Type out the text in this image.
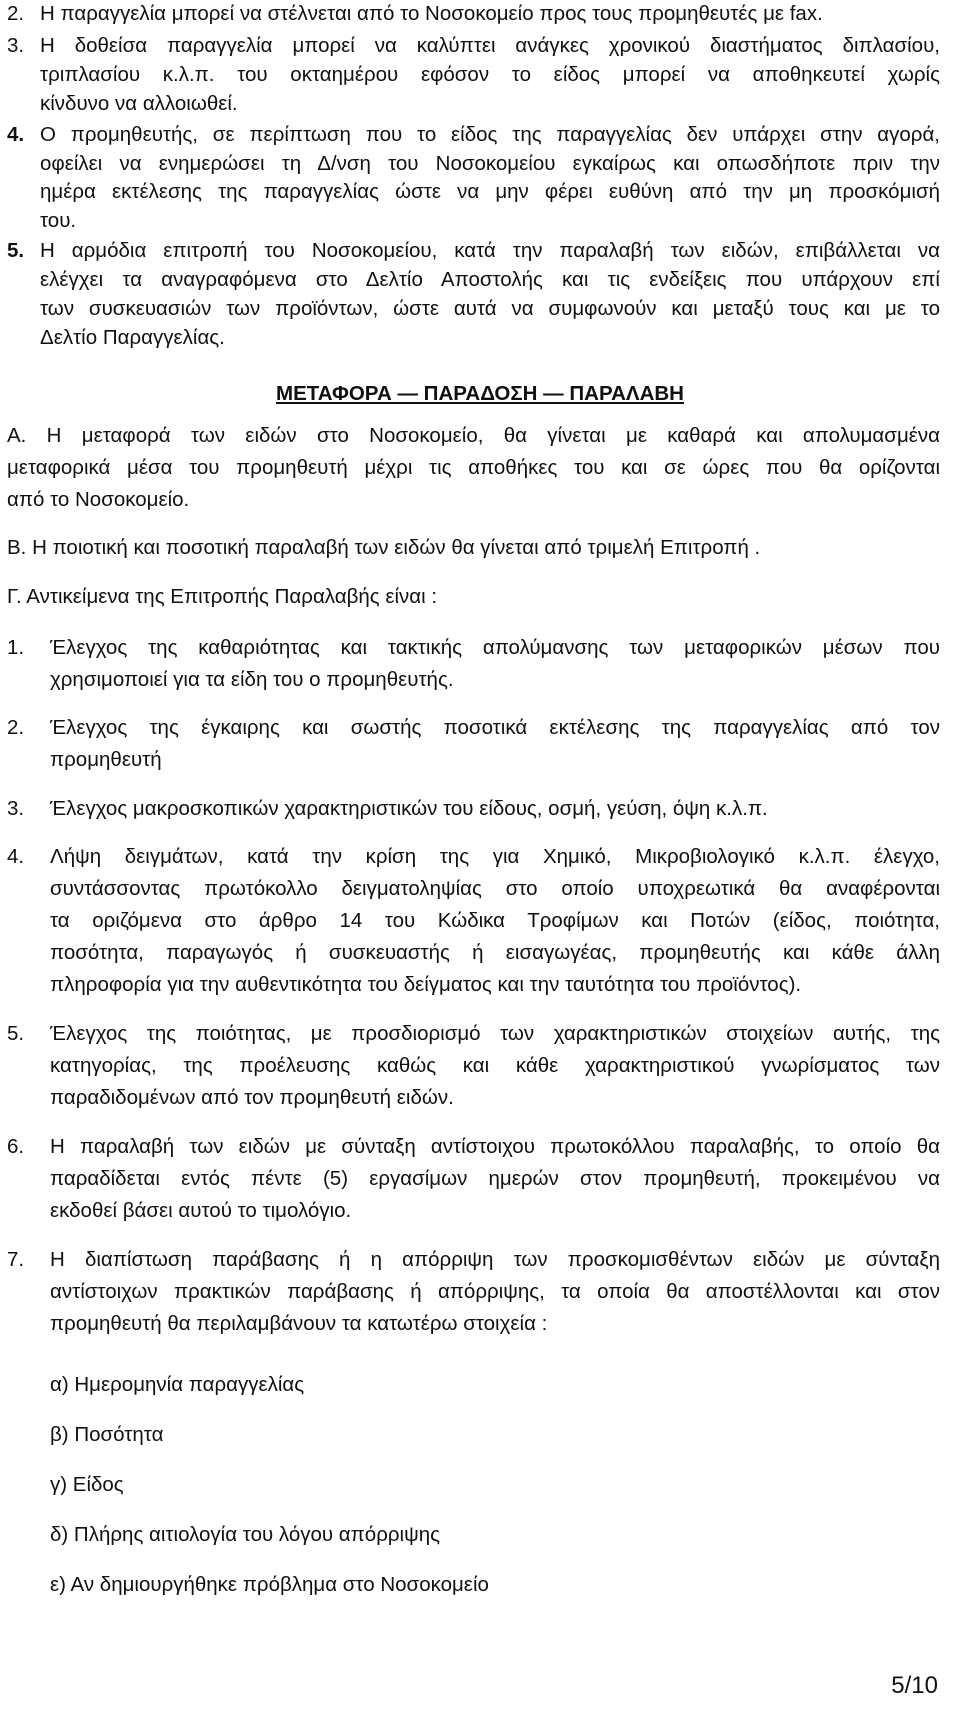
2. Η παραγγελία μπορεί να στέλνεται από το Νοσοκομείο προς τους προμηθευτές με fax.
3. Η δοθείσα παραγγελία μπορεί να καλύπτει ανάγκες χρονικού διαστήματος διπλασίου,
τριπλασίου κ.λ.π. του οκταημέρου εφόσον το είδος μπορεί να αποθηκευτεί χωρίς
κίνδυνο να αλλοιωθεί.
4. Ο προμηθευτής, σε περίπτωση που το είδος της παραγγελίας δεν υπάρχει στην αγορά,
οφείλει να ενημερώσει τη Δ/νση του Νοσοκομείου εγκαίρως και οπωσδήποτε πριν την
ημέρα εκτέλεσης της παραγγελίας ώστε να μην φέρει ευθύνη από την μη προσκόμισή
του.
5. Η αρμόδια επιτροπή του Νοσοκομείου, κατά την παραλαβή των ειδών, επιβάλλεται να
ελέγχει τα αναγραφόμενα στο Δελτίο Αποστολής και τις ενδείξεις που υπάρχουν επί
των συσκευασιών των προϊόντων, ώστε αυτά να συμφωνούν και μεταξύ τους και με το
Δελτίο Παραγγελίας.
ΜΕΤΑΦΟΡΑ — ΠΑΡΑΔΟΣΗ — ΠΑΡΑΛΑΒΗ
Α. Η μεταφορά των ειδών στο Νοσοκομείο, θα γίνεται με καθαρά και απολυμασμένα
μεταφορικά μέσα του προμηθευτή μέχρι τις αποθήκες του και σε ώρες που θα ορίζονται
από το Νοσοκομείο.
Β. Η ποιοτική και ποσοτική παραλαβή των ειδών θα γίνεται από τριμελή Επιτροπή .
Γ. Αντικείμενα της Επιτροπής Παραλαβής είναι :
1. Έλεγχος της καθαριότητας και τακτικής απολύμανσης των μεταφορικών μέσων που
χρησιμοποιεί για τα είδη του ο προμηθευτής.
2. Έλεγχος της έγκαιρης και σωστής ποσοτικά εκτέλεσης της παραγγελίας από τον
προμηθευτή
3. Έλεγχος μακροσκοπικών χαρακτηριστικών του είδους, οσμή, γεύση, όψη κ.λ.π.
4. Λήψη δειγμάτων, κατά την κρίση της για Χημικό, Μικροβιολογικό κ.λ.π. έλεγχο,
συντάσσοντας πρωτόκολλο δειγματοληψίας στο οποίο υποχρεωτικά θα αναφέρονται
τα οριζόμενα στο άρθρο 14 του Κώδικα Τροφίμων και Ποτών (είδος, ποιότητα,
ποσότητα, παραγωγός ή συσκευαστής ή εισαγωγέας, προμηθευτής και κάθε άλλη
πληροφορία για την αυθεντικότητα του δείγματος και την ταυτότητα του προϊόντος).
5. Έλεγχος της ποιότητας, με προσδιορισμό των χαρακτηριστικών στοιχείων αυτής, της
κατηγορίας, της προέλευσης καθώς και κάθε χαρακτηριστικού γνωρίσματος των
παραδιδομένων από τον προμηθευτή ειδών.
6. Η παραλαβή των ειδών με σύνταξη αντίστοιχου πρωτοκόλλου παραλαβής, το οποίο θα
παραδίδεται εντός πέντε (5) εργασίμων ημερών στον προμηθευτή, προκειμένου να
εκδοθεί βάσει αυτού το τιμολόγιο.
7. Η διαπίστωση παράβασης ή η απόρριψη των προσκομισθέντων ειδών με σύνταξη
αντίστοιχων πρακτικών παράβασης ή απόρριψης, τα οποία θα αποστέλλονται και στον
προμηθευτή θα περιλαμβάνουν τα κατωτέρω στοιχεία :
α) Ημερομηνία παραγγελίας
β) Ποσότητα
γ) Είδος
δ) Πλήρης αιτιολογία του λόγου απόρριψης
ε) Αν δημιουργήθηκε πρόβλημα στο Νοσοκομείο
5/10
